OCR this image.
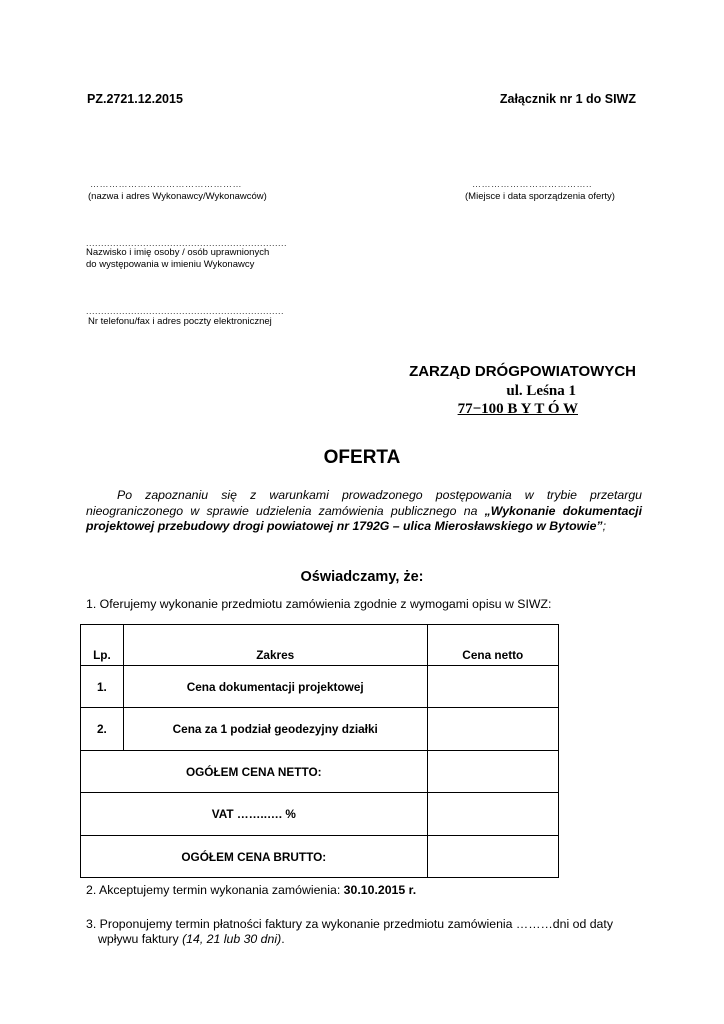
PZ.2721.12.2015	Załącznik nr 1 do SIWZ
…………………………………………
(nazwa i adres Wykonawcy/Wykonawców)
………………………………..
(Miejsce i data sporządzenia oferty)
...................................................................
Nazwisko i imię osoby / osób uprawnionych
do występowania w imieniu Wykonawcy
..................................................................
Nr telefonu/fax i adres poczty elektronicznej
ZARZĄD DRÓGPOWIATOWYCH
ul. Leśna 1
77−100 B Y T Ó W
OFERTA
Po zapoznaniu się z warunkami prowadzonego postępowania w trybie przetargu nieograniczonego w sprawie udzielenia zamówienia publicznego na „Wykonanie dokumentacji projektowej przebudowy drogi powiatowej nr 1792G – ulica Mierosławskiego w Bytowie”;
Oświadczamy, że:
1. Oferujemy wykonanie przedmiotu zamówienia zgodnie z wymogami opisu w SIWZ:
Lp.	Zakres	Cena netto
1.	Cena dokumentacji projektowej	
2.	Cena za 1 podział geodezyjny działki	
OGÓŁEM CENA NETTO:		
VAT ……..…. %		
OGÓŁEM CENA BRUTTO:		
2. Akceptujemy termin wykonania zamówienia: 30.10.2015 r.
3. Proponujemy termin płatności faktury za wykonanie przedmiotu zamówienia ………dni od daty
wpływu faktury (14, 21 lub 30 dni).
